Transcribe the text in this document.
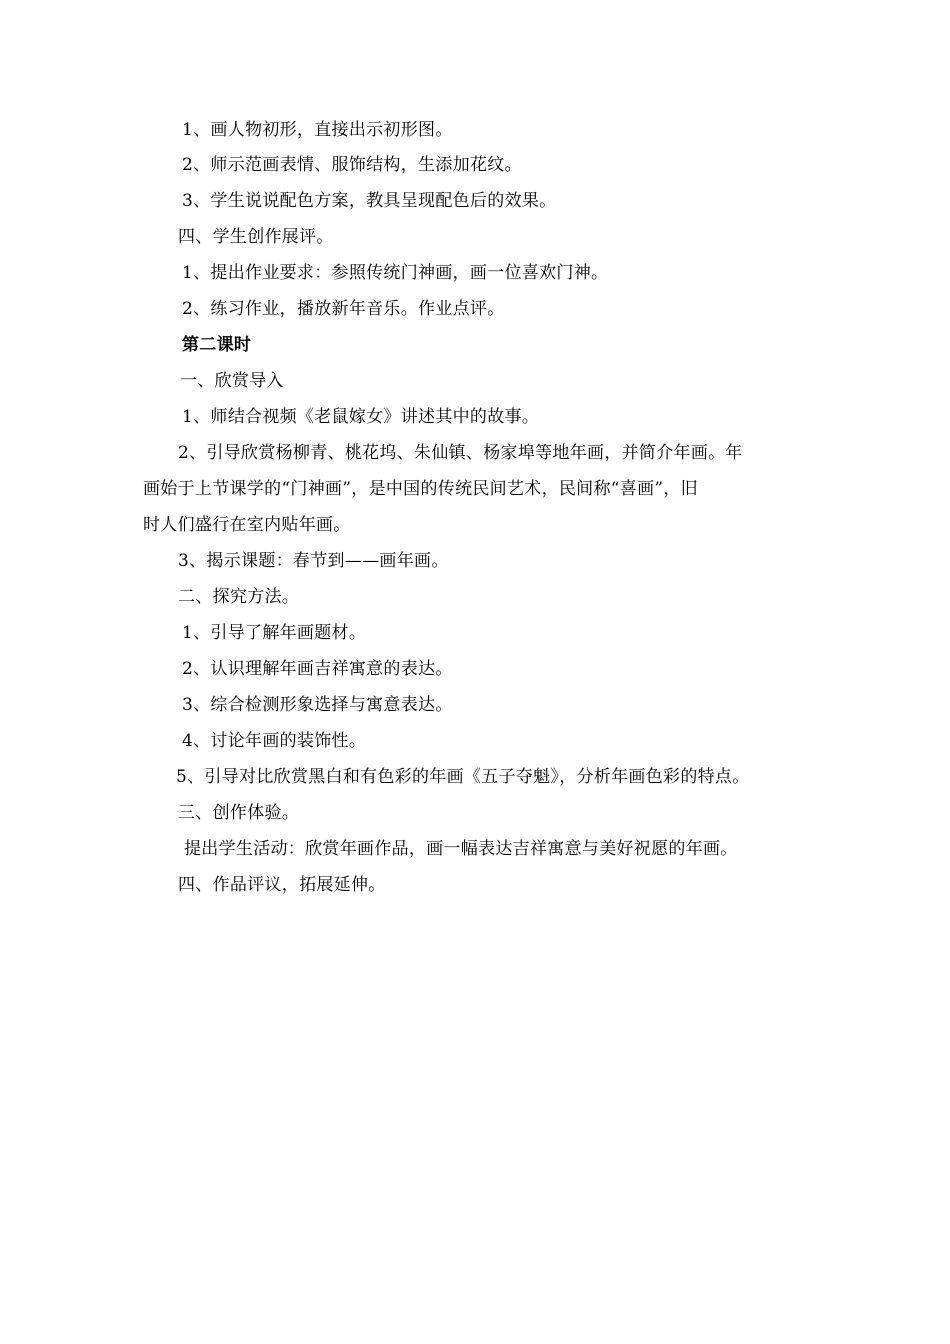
1、画人物初形，直接出示初形图。
2、师示范画表情、服饰结构，生添加花纹。
3、学生说说配色方案，教具呈现配色后的效果。
四、学生创作展评。
1、提出作业要求：参照传统门神画，画一位喜欢门神。
2、练习作业，播放新年音乐。作业点评。
第二课时
一、欣赏导入
1、师结合视频《老鼠嫁女》讲述其中的故事。
2、引导欣赏杨柳青、桃花坞、朱仙镇、杨家埠等地年画，并简介年画。年
画始于上节课学的“门神画”，是中国的传统民间艺术，民间称“喜画”，旧
时人们盛行在室内贴年画。
3、揭示课题：春节到——画年画。
二、探究方法。
1、引导了解年画题材。
2、认识理解年画吉祥寓意的表达。
3、综合检测形象选择与寓意表达。
4、讨论年画的装饰性。
5、引导对比欣赏黑白和有色彩的年画《五子夺魁》，分析年画色彩的特点。
三、创作体验。
提出学生活动：欣赏年画作品，画一幅表达吉祥寓意与美好祝愿的年画。
四、作品评议，拓展延伸。
